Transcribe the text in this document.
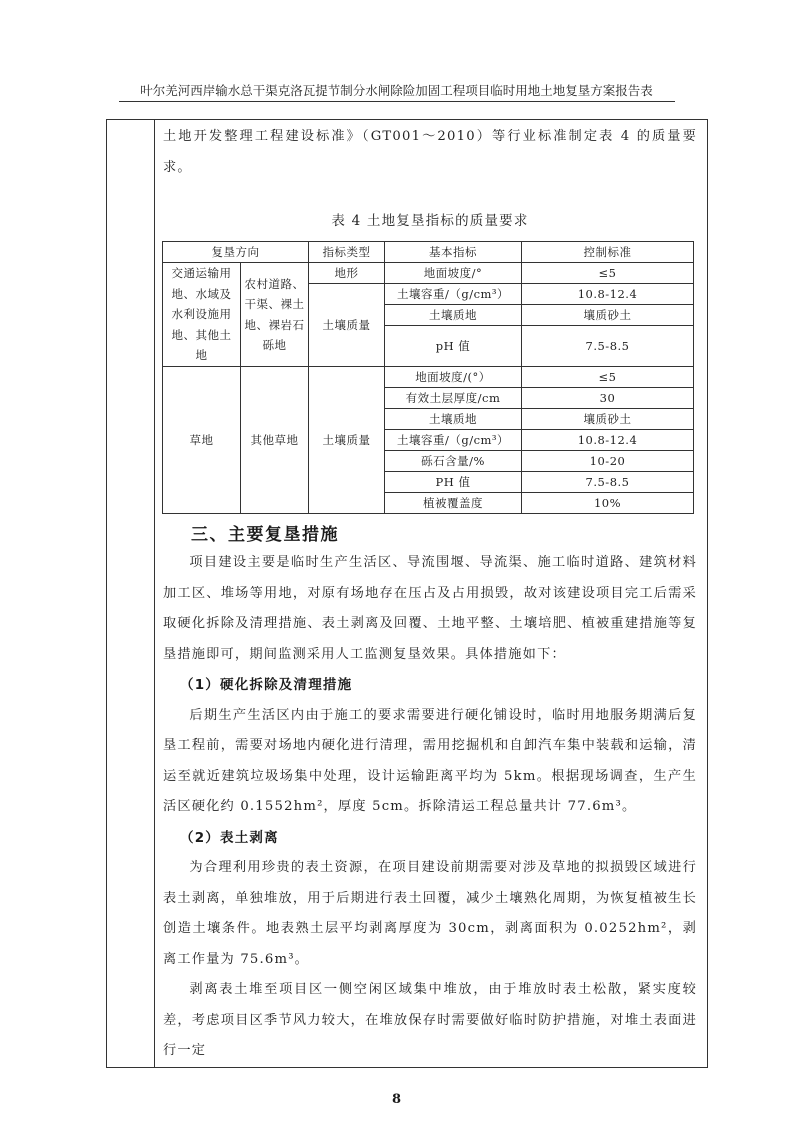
叶尔羌河西岸输水总干渠克洛瓦提节制分水闸除险加固工程项目临时用地土地复垦方案报告表

土地开发整理工程建设标准》（GT001～2010）等行业标准制定表 4 的质量要求。

表 4 土地复垦指标的质量要求

复垦方向		指标类型	基本指标	控制标准
交通运输用地、水域及水利设施用地、其他土地	农村道路、干渠、裸土地、裸岩石砾地	地形	地面坡度/°	≤5
		土壤质量	土壤容重/（g/cm³）	10.8-12.4
			土壤质地	壤质砂土
			pH 值	7.5-8.5
草地	其他草地	土壤质量	地面坡度/(°）	≤5
			有效土层厚度/cm	30
			土壤质地	壤质砂土
			土壤容重/（g/cm³）	10.8-12.4
			砾石含量/%	10-20
			PH 值	7.5-8.5
			植被覆盖度	10%
三、主要复垦措施

项目建设主要是临时生产生活区、导流围堰、导流渠、施工临时道路、建筑材料加工区、堆场等用地，对原有场地存在压占及占用损毁，故对该建设项目完工后需采取硬化拆除及清理措施、表土剥离及回覆、土地平整、土壤培肥、植被重建措施等复垦措施即可，期间监测采用人工监测复垦效果。具体措施如下：

（1）硬化拆除及清理措施

后期生产生活区内由于施工的要求需要进行硬化铺设时，临时用地服务期满后复垦工程前，需要对场地内硬化进行清理，需用挖掘机和自卸汽车集中装载和运输，清运至就近建筑垃圾场集中处理，设计运输距离平均为 5km。根据现场调查，生产生活区硬化约 0.1552hm²，厚度 5cm。拆除清运工程总量共计 77.6m³。

（2）表土剥离

为合理利用珍贵的表土资源，在项目建设前期需要对涉及草地的拟损毁区域进行表土剥离，单独堆放，用于后期进行表土回覆，减少土壤熟化周期，为恢复植被生长创造土壤条件。地表熟土层平均剥离厚度为 30cm，剥离面积为 0.0252hm²，剥离工作量为 75.6m³。

剥离表土堆至项目区一侧空闲区域集中堆放，由于堆放时表土松散，紧实度较差，考虑项目区季节风力较大，在堆放保存时需要做好临时防护措施，对堆土表面进行一定

8
